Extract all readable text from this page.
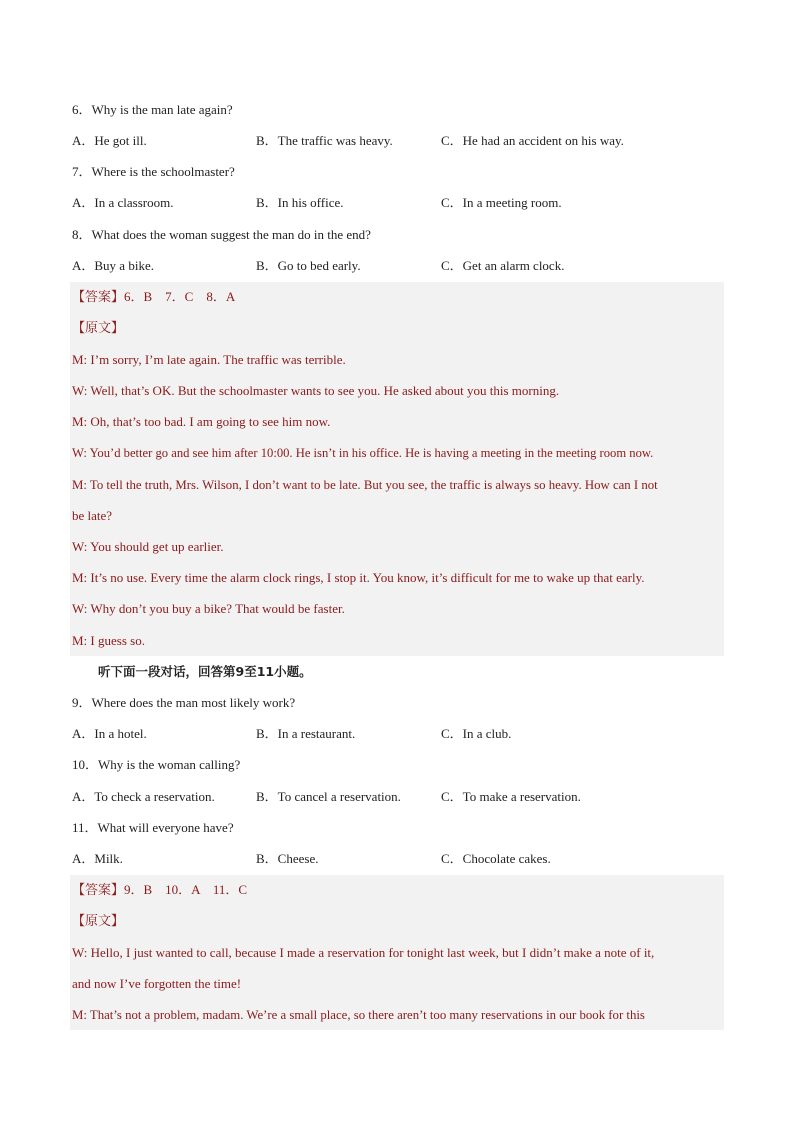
6．Why is the man late again?
A．He got ill.	B．The traffic was heavy.	C．He had an accident on his way.
7．Where is the schoolmaster?
A．In a classroom.	B．In his office.	C．In a meeting room.
8．What does the woman suggest the man do in the end?
A．Buy a bike.	B．Go to bed early.	C．Get an alarm clock.
【答案】6．B　7．C　8．A
【原文】
M: I’m sorry, I’m late again. The traffic was terrible.
W: Well, that’s OK. But the schoolmaster wants to see you. He asked about you this morning.
M: Oh, that’s too bad. I am going to see him now.
W: You’d better go and see him after 10:00. He isn’t in his office. He is having a meeting in the meeting room now.
M: To tell the truth, Mrs. Wilson, I don’t want to be late. But you see, the traffic is always so heavy. How can I not
be late?
W: You should get up earlier.
M: It’s no use. Every time the alarm clock rings, I stop it. You know, it’s difficult for me to wake up that early.
W: Why don’t you buy a bike? That would be faster.
M: I guess so.
听下面一段对话，回答第9至11小题。
9．Where does the man most likely work?
A．In a hotel.	B．In a restaurant.	C．In a club.
10．Why is the woman calling?
A．To check a reservation.	B．To cancel a reservation.	C．To make a reservation.
11．What will everyone have?
A．Milk.	B．Cheese.	C．Chocolate cakes.
【答案】9．B　10．A　11．C
【原文】
W: Hello, I just wanted to call, because I made a reservation for tonight last week, but I didn’t make a note of it,
and now I’ve forgotten the time!
M: That’s not a problem, madam. We’re a small place, so there aren’t too many reservations in our book for this
